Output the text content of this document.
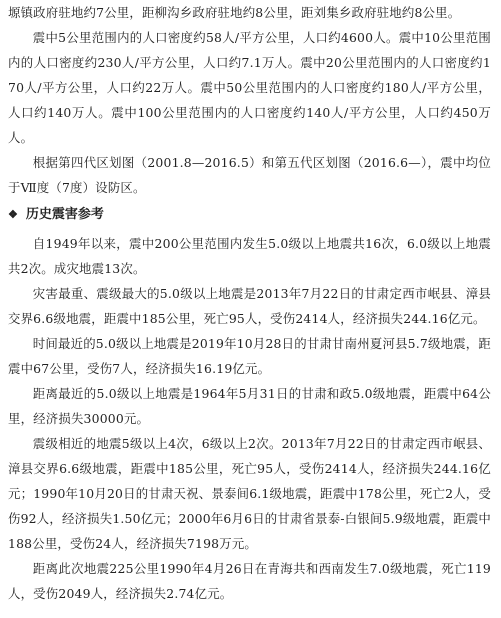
塬镇政府驻地约7公里，距柳沟乡政府驻地约8公里，距刘集乡政府驻地约8公里。

震中5公里范围内的人口密度约58人/平方公里，人口约4600人。震中10公里范围内的人口密度约230人/平方公里，人口约7.1万人。震中20公里范围内的人口密度约170人/平方公里，人口约22万人。震中50公里范围内的人口密度约180人/平方公里，人口约140万人。震中100公里范围内的人口密度约140人/平方公里，人口约450万人。

根据第四代区划图（2001.8—2016.5）和第五代区划图（2016.6—），震中均位于Ⅶ度（7度）设防区。

❖ 历史震害参考

自1949年以来，震中200公里范围内发生5.0级以上地震共16次，6.0级以上地震共2次。成灾地震13次。

灾害最重、震级最大的5.0级以上地震是2013年7月22日的甘肃定西市岷县、漳县交界6.6级地震，距震中185公里，死亡95人，受伤2414人，经济损失244.16亿元。

时间最近的5.0级以上地震是2019年10月28日的甘肃甘南州夏河县5.7级地震，距震中67公里，受伤7人，经济损失16.19亿元。

距离最近的5.0级以上地震是1964年5月31日的甘肃和政5.0级地震，距震中64公里，经济损失30000元。

震级相近的地震5级以上4次，6级以上2次。2013年7月22日的甘肃定西市岷县、漳县交界6.6级地震，距震中185公里，死亡95人，受伤2414人，经济损失244.16亿元；1990年10月20日的甘肃天祝、景泰间6.1级地震，距震中178公里，死亡2人，受伤92人，经济损失1.50亿元；2000年6月6日的甘肃省景泰-白银间5.9级地震，距震中188公里，受伤24人，经济损失7198万元。

距离此次地震225公里1990年4月26日在青海共和西南发生7.0级地震，死亡119人，受伤2049人，经济损失2.74亿元。
